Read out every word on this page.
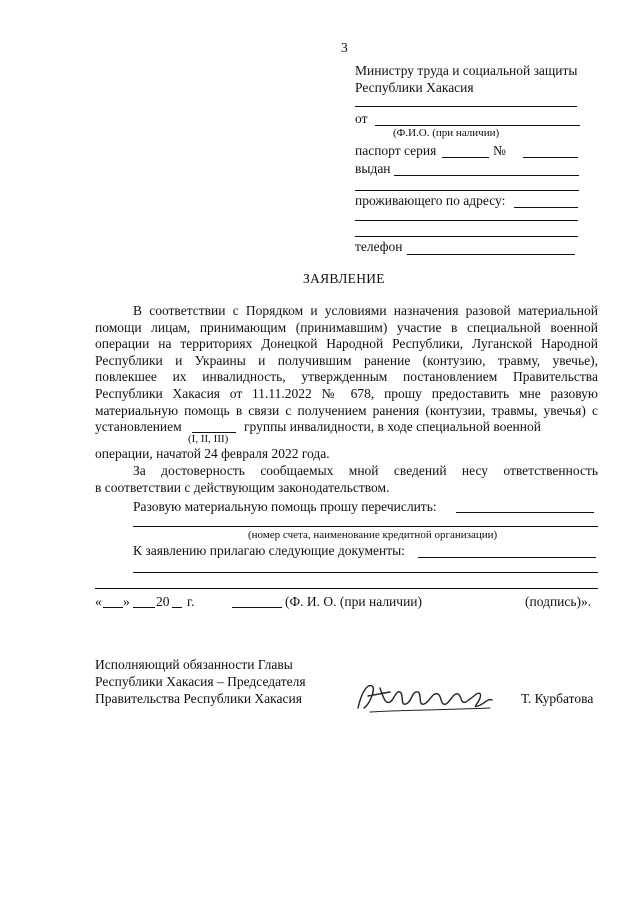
3
Министру труда и социальной защиты
Республики Хакасия
от
(Ф.И.О. (при наличии)
паспорт серия	№
выдан
проживающего по адресу:
телефон
ЗАЯВЛЕНИЕ
В соответствии с Порядком и условиями назначения разовой материальной
помощи лицам, принимающим (принимавшим) участие в специальной военной
операции на территориях Донецкой Народной Республики, Луганской Народной
Республики и Украины и получившим ранение (контузию, травму, увечье),
повлекшее их инвалидность, утвержденным постановлением Правительства
Республики Хакасия от 11.11.2022 № 678, прошу предоставить мне разовую
материальную помощь в связи с получением ранения (контузии, травмы, увечья) с
установлением	группы инвалидности, в ходе специальной военной
(I, II, III)
операции, начатой 24 февраля 2022 года.
За достоверность сообщаемых мной сведений несу ответственность
в соответствии с действующим законодательством.
Разовую материальную помощь прошу перечислить:
(номер счета, наименование кредитной организации)
К заявлению прилагаю следующие документы:
« » 20 г.	(Ф. И. О. (при наличии)	(подпись)».
Исполняющий обязанности Главы
Республики Хакасия – Председателя
Правительства Республики Хакасия	Т. Курбатова
